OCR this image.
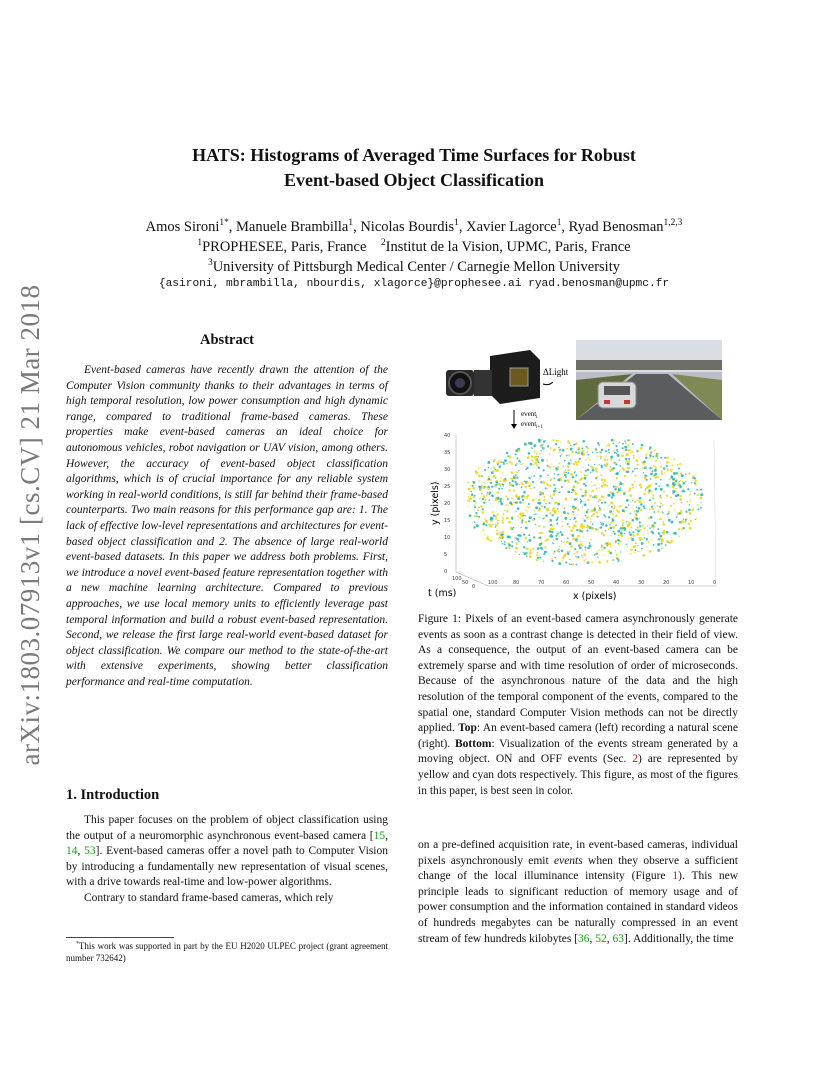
arXiv:1803.07913v1 [cs.CV] 21 Mar 2018
HATS: Histograms of Averaged Time Surfaces for Robust
Event-based Object Classification
Amos Sironi$^{1*}$, Manuele Brambilla$^1$, Nicolas Bourdis$^1$, Xavier Lagorce$^1$, Ryad Benosman$^{1,2,3}$
$^1$PROPHESEE, Paris, France $^2$Institut de la Vision, UPMC, Paris, France
$^3$University of Pittsburgh Medical Center / Carnegie Mellon University
{asironi, mbrambilla, nbourdis, xlagorce}@prophesee.ai ryad.benosman@upmc.fr
Abstract

Event-based cameras have recently drawn the attention of the Computer Vision community thanks to their advantages in terms of high temporal resolution, low power consumption and high dynamic range, compared to traditional frame-based cameras. These properties make event-based cameras an ideal choice for autonomous vehicles, robot navigation or UAV vision, among others. However, the accuracy of event-based object classification algorithms, which is of crucial importance for any reliable system working in real-world conditions, is still far behind their frame-based counterparts. Two main reasons for this performance gap are: 1. The lack of effective low-level representations and architectures for event-based object classification and 2. The absence of large real-world event-based datasets. In this paper we address both problems. First, we introduce a novel event-based feature representation together with a new machine learning architecture. Compared to previous approaches, we use local memory units to efficiently leverage past temporal information and build a robust event-based representation. Second, we release the first large real-world event-based dataset for object classification. We compare our method to the state-of-the-art with extensive experiments, showing better classification performance and real-time computation.

1. Introduction

This paper focuses on the problem of object classification using the output of a neuromorphic asynchronous event-based camera [15, 14, 53]. Event-based cameras offer a novel path to Computer Vision by introducing a fundamentally new representation of visual scenes, with a drive towards real-time and low-power algorithms.

Contrary to standard frame-based cameras, which rely

*This work was supported in part by the EU H2020 ULPEC project (grant agreement number 732642)

ΔLight
event$_i$
event$_{i+1}$
40
35
30
25
20
15
10
5
0
100	80	70	60	50	40	30	20	10	0
100
50
0
y (pixels)
x (pixels)
t (ms)

Figure 1: Pixels of an event-based camera asynchronously generate events as soon as a contrast change is detected in their field of view. As a consequence, the output of an event-based camera can be extremely sparse and with time resolution of order of microseconds. Because of the asynchronous nature of the data and the high resolution of the temporal component of the events, compared to the spatial one, standard Computer Vision methods can not be directly applied. Top: An event-based camera (left) recording a natural scene (right). Bottom: Visualization of the events stream generated by a moving object. ON and OFF events (Sec. 2) are represented by yellow and cyan dots respectively. This figure, as most of the figures in this paper, is best seen in color.

on a pre-defined acquisition rate, in event-based cameras, individual pixels asynchronously emit events when they observe a sufficient change of the local illuminance intensity (Figure 1). This new principle leads to significant reduction of memory usage and of power consumption and the information contained in standard videos of hundreds megabytes can be naturally compressed in an event stream of few hundreds kilobytes [36, 52, 63]. Additionally, the time
